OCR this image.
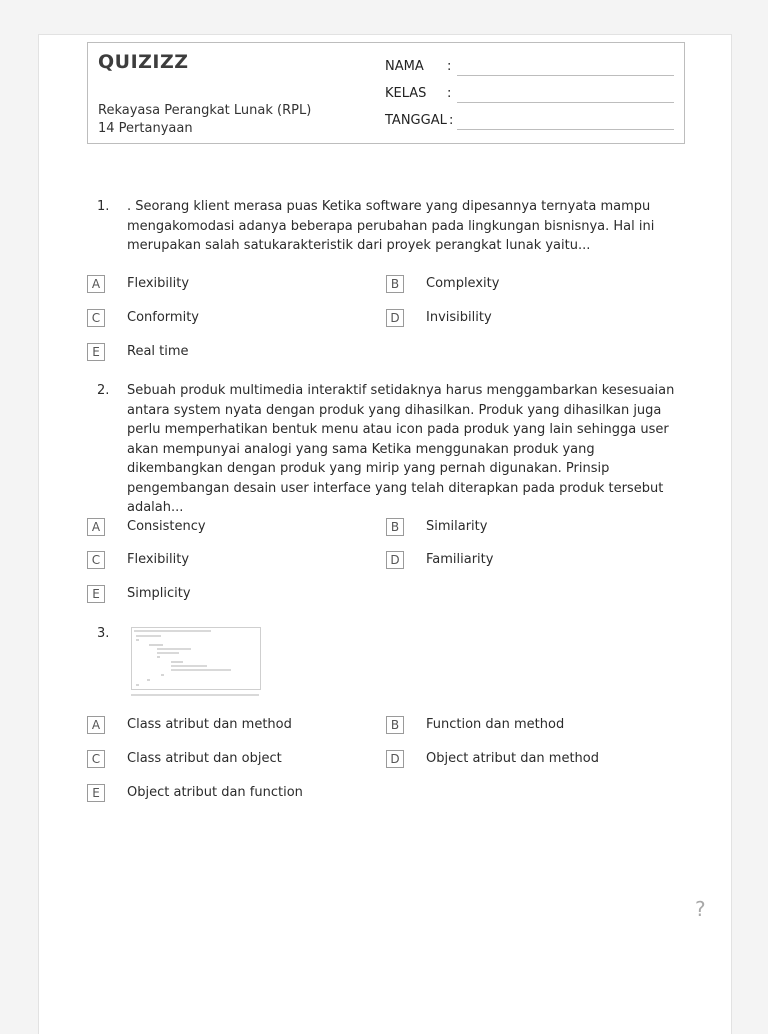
QUIZIZZ
Rekayasa Perangkat Lunak (RPL)
14 Pertanyaan
NAMA :
KELAS :
TANGGAL :
1.	. Seorang klient merasa puas Ketika software yang dipesannya ternyata mampu mengakomodasi adanya beberapa perubahan pada lingkungan bisnisnya. Hal ini merupakan salah satukarakteristik dari proyek perangkat lunak yaitu...
A	Flexibility	B	Complexity
C	Conformity	D	Invisibility
E	Real time
2.	Sebuah produk multimedia interaktif setidaknya harus menggambarkan kesesuaian antara system nyata dengan produk yang dihasilkan. Produk yang dihasilkan juga perlu memperhatikan bentuk menu atau icon pada produk yang lain sehingga user akan mempunyai analogi yang sama Ketika menggunakan produk yang dikembangkan dengan produk yang mirip yang pernah digunakan. Prinsip pengembangan desain user interface yang telah diterapkan pada produk tersebut adalah...
A	Consistency	B	Similarity
C	Flexibility	D	Familiarity
E	Simplicity
3.
A	Class atribut dan method	B	Function dan method
C	Class atribut dan object	D	Object atribut dan method
E	Object atribut dan function
?
